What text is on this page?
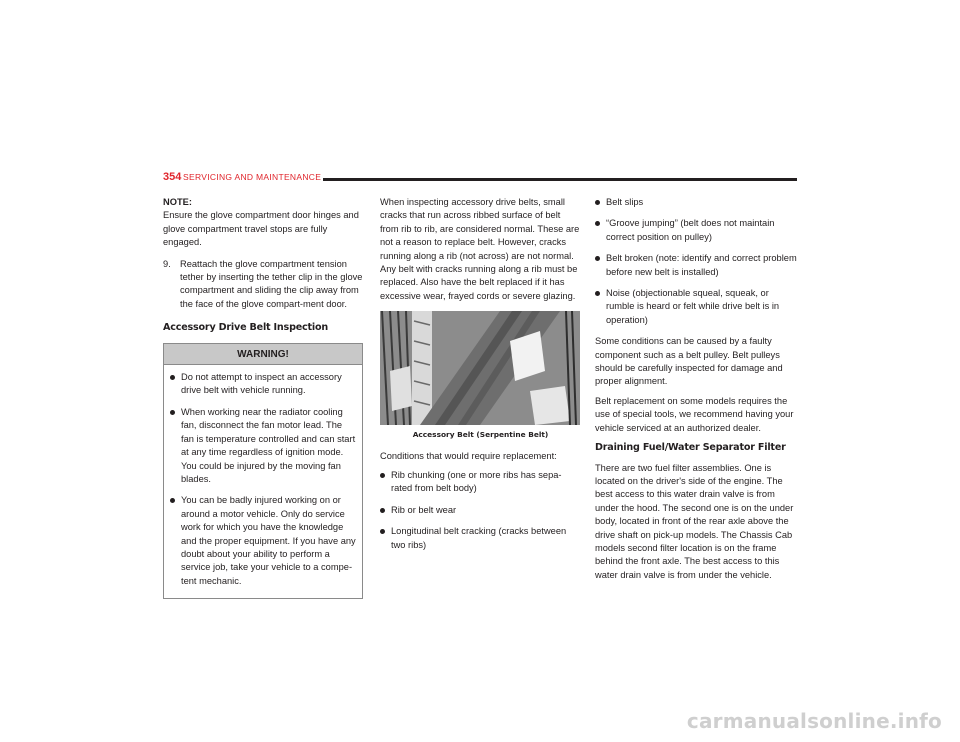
354 SERVICING AND MAINTENANCE
NOTE:
Ensure the glove compartment door hinges and glove compartment travel stops are fully engaged.
9. Reattach the glove compartment tension tether by inserting the tether clip in the glove compartment and sliding the clip away from the face of the glove compart-ment door.
Accessory Drive Belt Inspection
WARNING!
Do not attempt to inspect an accessory drive belt with vehicle running.
When working near the radiator cooling fan, disconnect the fan motor lead. The fan is temperature controlled and can start at any time regardless of ignition mode. You could be injured by the moving fan blades.
You can be badly injured working on or around a motor vehicle. Only do service work for which you have the knowledge and the proper equipment. If you have any doubt about your ability to perform a service job, take your vehicle to a compe-tent mechanic.
When inspecting accessory drive belts, small cracks that run across ribbed surface of belt from rib to rib, are considered normal. These are not a reason to replace belt. However, cracks running along a rib (not across) are not normal. Any belt with cracks running along a rib must be replaced. Also have the belt replaced if it has excessive wear, frayed cords or severe glazing.
Accessory Belt (Serpentine Belt)
Conditions that would require replacement:
Rib chunking (one or more ribs has sepa-rated from belt body)
Rib or belt wear
Longitudinal belt cracking (cracks between two ribs)
Belt slips
“Groove jumping” (belt does not maintain correct position on pulley)
Belt broken (note: identify and correct problem before new belt is installed)
Noise (objectionable squeal, squeak, or rumble is heard or felt while drive belt is in operation)
Some conditions can be caused by a faulty component such as a belt pulley. Belt pulleys should be carefully inspected for damage and proper alignment.
Belt replacement on some models requires the use of special tools, we recommend having your vehicle serviced at an authorized dealer.
Draining Fuel/Water Separator Filter
There are two fuel filter assemblies. One is located on the driver's side of the engine. The best access to this water drain valve is from under the hood. The second one is on the under body, located in front of the rear axle above the drive shaft on pick-up models. The Chassis Cab models second filter location is on the frame behind the front axle. The best access to this water drain valve is from under the vehicle.
carmanualsonline.info
